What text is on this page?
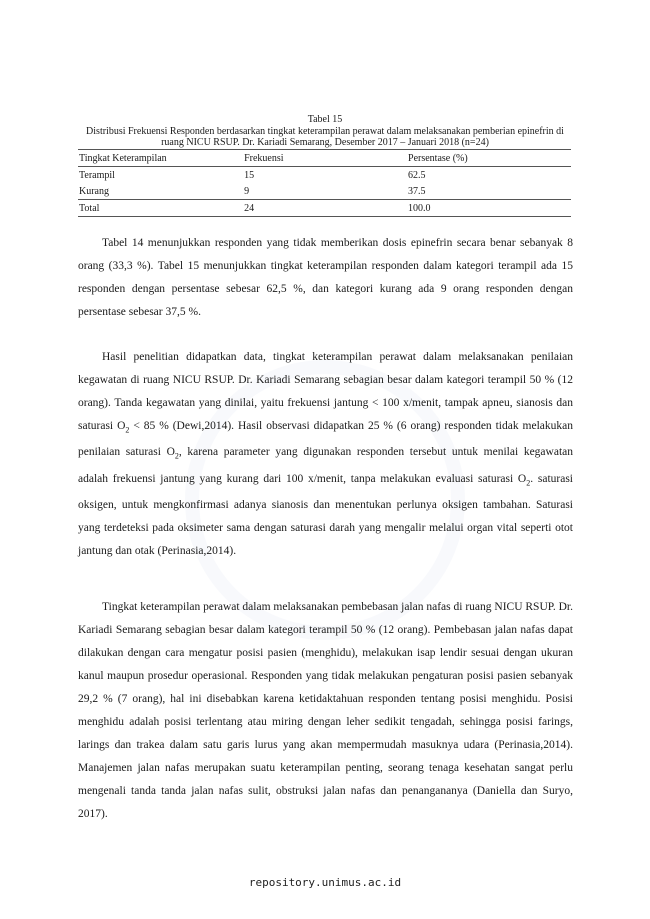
Tabel 15
Distribusi Frekuensi Responden berdasarkan tingkat keterampilan perawat dalam melaksanakan pemberian epinefrin di ruang NICU RSUP. Dr. Kariadi Semarang, Desember 2017 – Januari 2018 (n=24)
Tingkat Keterampilan	Frekuensi	Persentase (%)
Terampil	15	62.5
Kurang	9	37.5
Total	24	100.0

Tabel 14 menunjukkan responden yang tidak memberikan dosis epinefrin secara benar sebanyak 8 orang (33,3 %). Tabel 15 menunjukkan tingkat keterampilan responden dalam kategori terampil ada 15 responden dengan persentase sebesar 62,5 %, dan kategori kurang ada 9 orang responden dengan persentase sebesar 37,5 %.

Hasil penelitian didapatkan data, tingkat keterampilan perawat dalam melaksanakan penilaian kegawatan di ruang NICU RSUP. Dr. Kariadi Semarang sebagian besar dalam kategori terampil 50 % (12 orang). Tanda kegawatan yang dinilai, yaitu frekuensi jantung < 100 x/menit, tampak apneu, sianosis dan saturasi $O_2 < 85$ % (Dewi,2014). Hasil observasi didapatkan 25 % (6 orang) responden tidak melakukan penilaian saturasi $O_2$, karena parameter yang digunakan responden tersebut untuk menilai kegawatan adalah frekuensi jantung yang kurang dari 100 x/menit, tanpa melakukan evaluasi saturasi $O_2$. saturasi oksigen, untuk mengkonfirmasi adanya sianosis dan menentukan perlunya oksigen tambahan. Saturasi yang terdeteksi pada oksimeter sama dengan saturasi darah yang mengalir melalui organ vital seperti otot jantung dan otak (Perinasia,2014).

Tingkat keterampilan perawat dalam melaksanakan pembebasan jalan nafas di ruang NICU RSUP. Dr. Kariadi Semarang sebagian besar dalam kategori terampil 50 % (12 orang). Pembebasan jalan nafas dapat dilakukan dengan cara mengatur posisi pasien (menghidu), melakukan isap lendir sesuai dengan ukuran kanul maupun prosedur operasional. Responden yang tidak melakukan pengaturan posisi pasien sebanyak 29,2 % (7 orang), hal ini disebabkan karena ketidaktahuan responden tentang posisi menghidu. Posisi menghidu adalah posisi terlentang atau miring dengan leher sedikit tengadah, sehingga posisi farings, larings dan trakea dalam satu garis lurus yang akan mempermudah masuknya udara (Perinasia,2014). Manajemen jalan nafas merupakan suatu keterampilan penting, seorang tenaga kesehatan sangat perlu mengenali tanda tanda jalan nafas sulit, obstruksi jalan nafas dan penangananya (Daniella dan Suryo, 2017).

repository.unimus.ac.id
